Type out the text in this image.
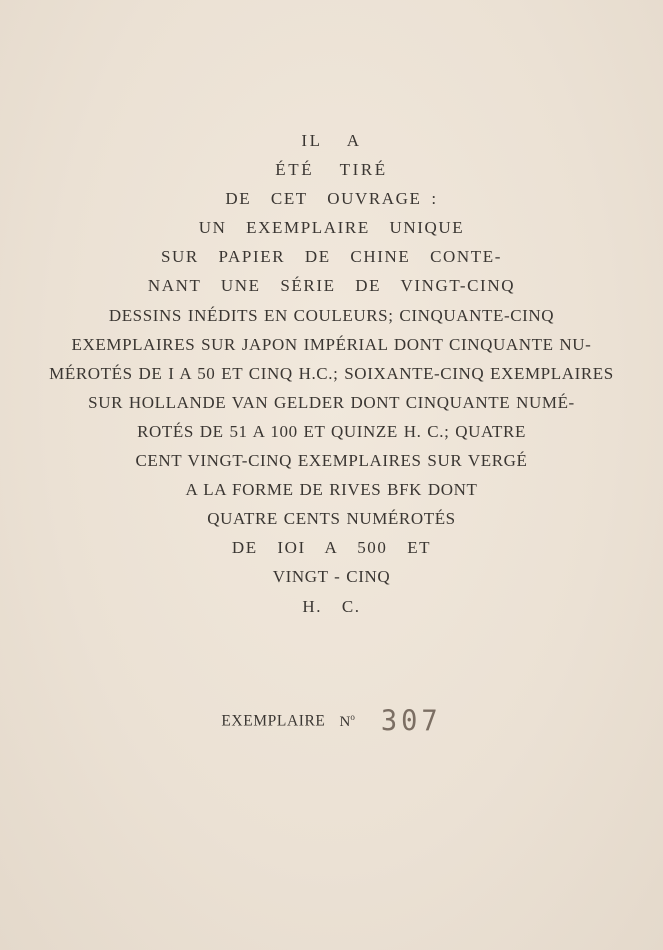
IL  A
ÉTÉ  TIRÉ
DE  CET  OUVRAGE :
UN  EXEMPLAIRE  UNIQUE
SUR  PAPIER  DE  CHINE  CONTE-
NANT  UNE  SÉRIE  DE  VINGT-CINQ
DESSINS INÉDITS EN COULEURS; CINQUANTE-CINQ
EXEMPLAIRES SUR JAPON IMPÉRIAL DONT CINQUANTE NU-
MÉROTÉS DE I A 50 ET CINQ H.C.; SOIXANTE-CINQ EXEMPLAIRES
SUR HOLLANDE VAN GELDER DONT CINQUANTE NUMÉ-
ROTÉS DE 51 A 100 ET QUINZE H. C.; QUATRE
CENT VINGT-CINQ EXEMPLAIRES SUR VERGÉ
A LA FORME DE RIVES BFK DONT
QUATRE CENTS NUMÉROTÉS
DE  IOI  A  500  ET
VINGT - CINQ
H.  C.
EXEMPLAIRE $N^o$ 307
